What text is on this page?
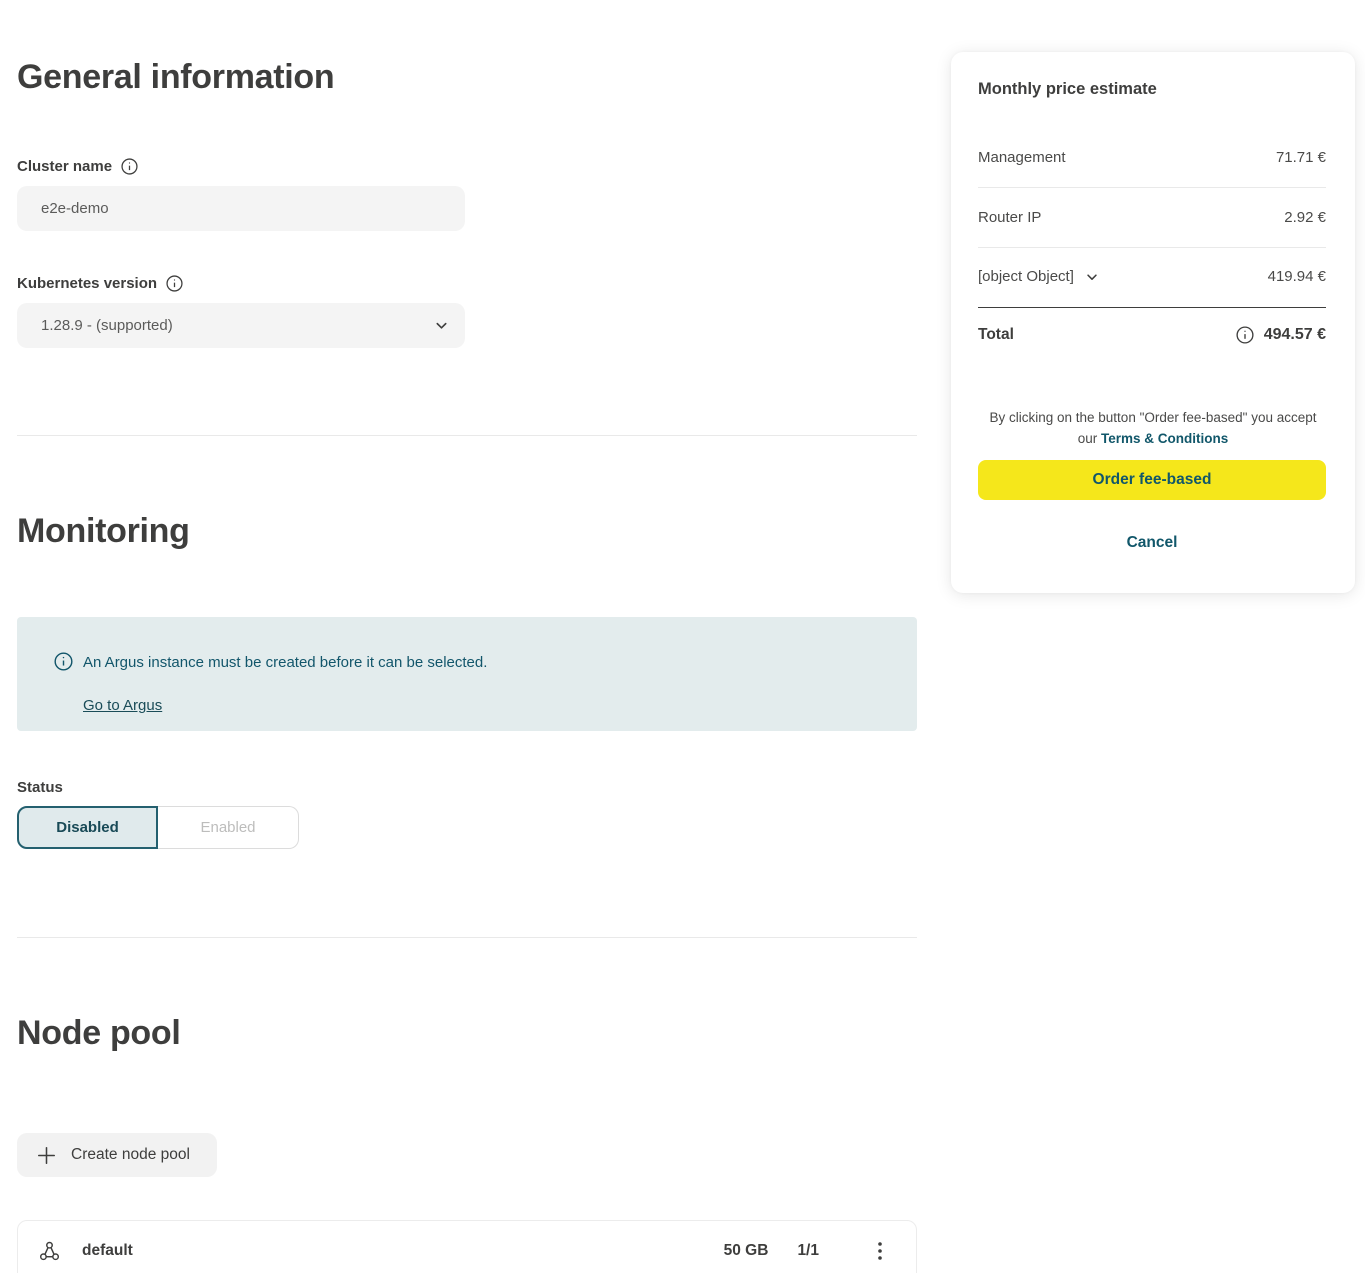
General information
Cluster name
e2e-demo
Kubernetes version
1.28.9 - (supported)
Monitoring
An Argus instance must be created before it can be selected.
Go to Argus
Status
Disabled	Enabled
Node pool
Create node pool
default	50 GB 1/1
Monthly price estimate
Management	71.71 €
Router IP	2.92 €
[object Object]	419.94 €
Total	494.57 €

By clicking on the button "Order fee-based" you accept our Terms & Conditions

Order fee-based
Cancel
